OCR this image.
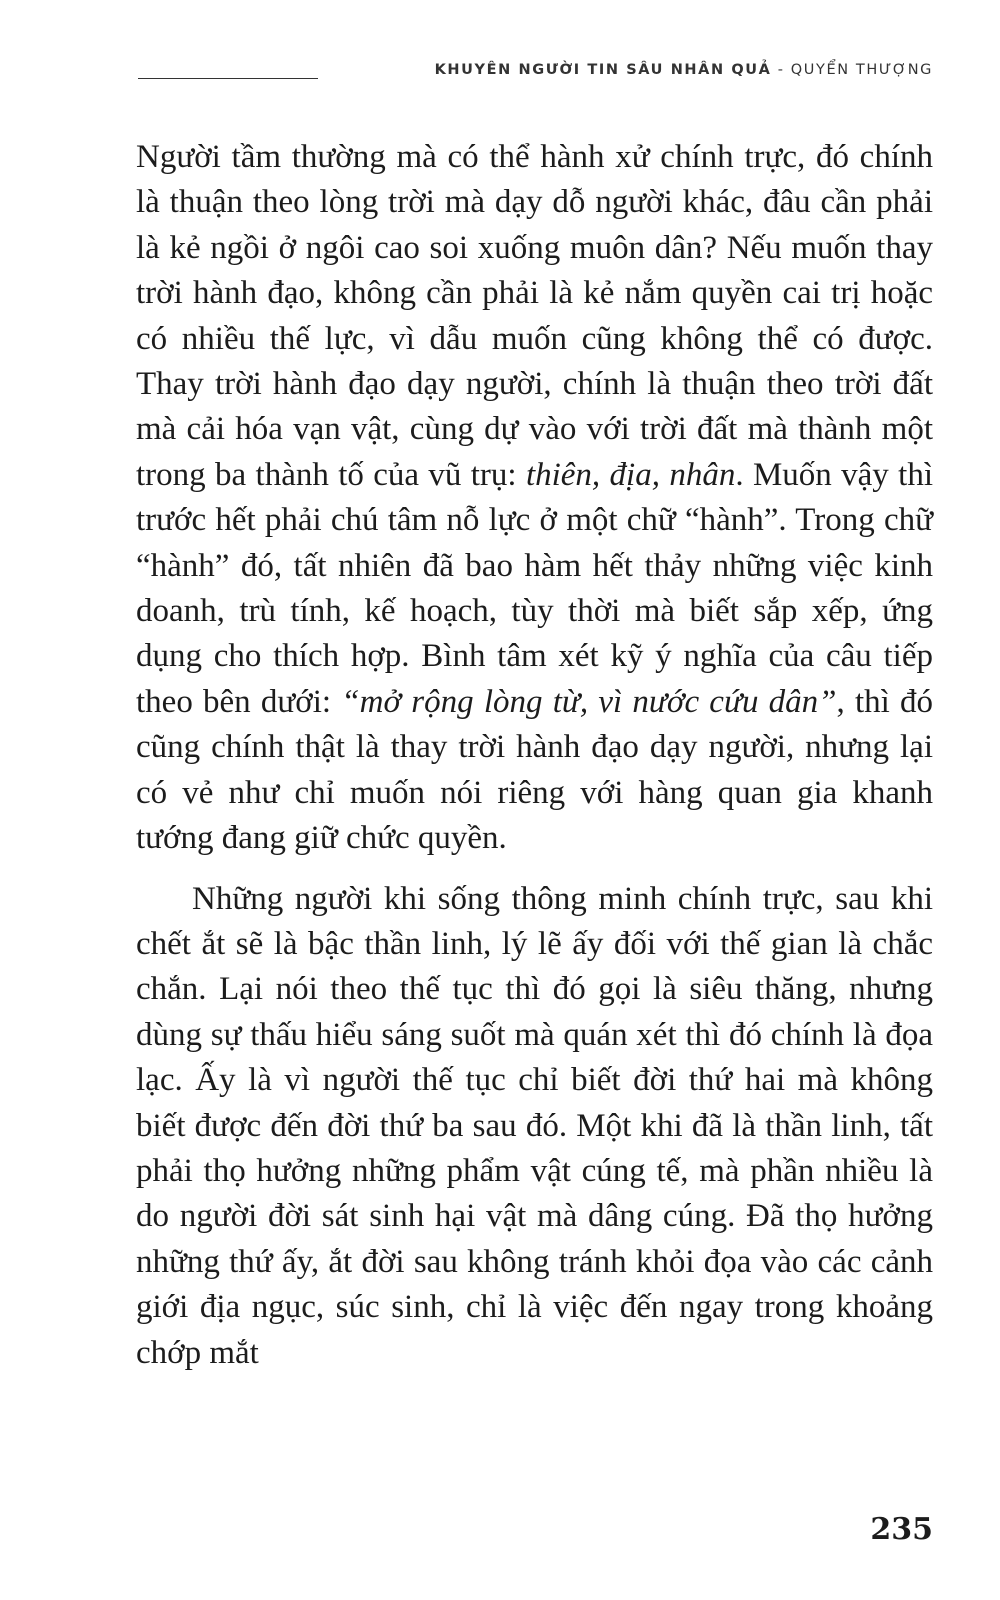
KHUYÊN NGƯỜI TIN SÂU NHÂN QUẢ - QUYỂN THƯỢNG

Người tầm thường mà có thể hành xử chính trực, đó chính là thuận theo lòng trời mà dạy dỗ người khác, đâu cần phải là kẻ ngồi ở ngôi cao soi xuống muôn dân? Nếu muốn thay trời hành đạo, không cần phải là kẻ nắm quyền cai trị hoặc có nhiều thế lực, vì dẫu muốn cũng không thể có được. Thay trời hành đạo dạy người, chính là thuận theo trời đất mà cải hóa vạn vật, cùng dự vào với trời đất mà thành một trong ba thành tố của vũ trụ: thiên, địa, nhân. Muốn vậy thì trước hết phải chú tâm nỗ lực ở một chữ “hành”. Trong chữ “hành” đó, tất nhiên đã bao hàm hết thảy những việc kinh doanh, trù tính, kế hoạch, tùy thời mà biết sắp xếp, ứng dụng cho thích hợp. Bình tâm xét kỹ ý nghĩa của câu tiếp theo bên dưới: “mở rộng lòng từ, vì nước cứu dân”, thì đó cũng chính thật là thay trời hành đạo dạy người, nhưng lại có vẻ như chỉ muốn nói riêng với hàng quan gia khanh tướng đang giữ chức quyền.

Những người khi sống thông minh chính trực, sau khi chết ắt sẽ là bậc thần linh, lý lẽ ấy đối với thế gian là chắc chắn. Lại nói theo thế tục thì đó gọi là siêu thăng, nhưng dùng sự thấu hiểu sáng suốt mà quán xét thì đó chính là đọa lạc. Ấy là vì người thế tục chỉ biết đời thứ hai mà không biết được đến đời thứ ba sau đó. Một khi đã là thần linh, tất phải thọ hưởng những phẩm vật cúng tế, mà phần nhiều là do người đời sát sinh hại vật mà dâng cúng. Đã thọ hưởng những thứ ấy, ắt đời sau không tránh khỏi đọa vào các cảnh giới địa ngục, súc sinh, chỉ là việc đến ngay trong khoảng chớp mắt

235
